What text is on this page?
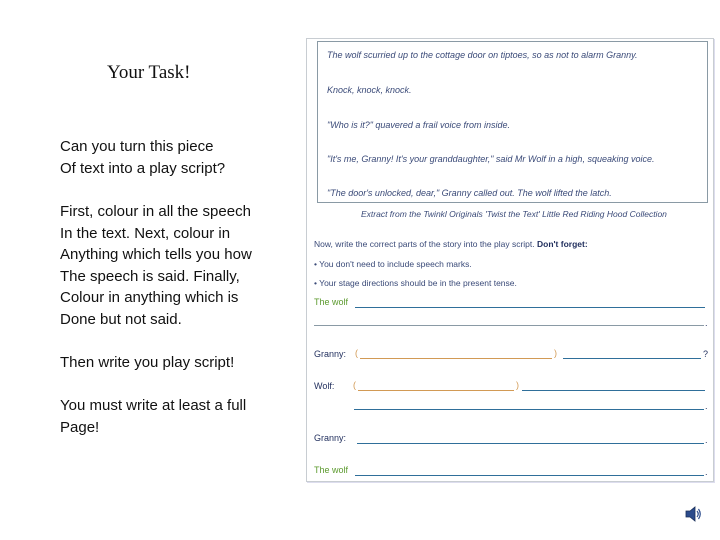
Your Task!
Can you turn this piece
Of text into a play script?
First, colour in all the speech
In the text. Next, colour in
Anything which tells you how
The speech is said. Finally,
Colour in anything which is
Done but not said.
Then write you play script!
You must write at least a full
Page!
The wolf scurried up to the cottage door on tiptoes, so as not to alarm Granny.
Knock, knock, knock.
"Who is it?" quavered a frail voice from inside.
"It's me, Granny! It's your granddaughter," said Mr Wolf in a high, squeaking voice.
"The door's unlocked, dear," Granny called out. The wolf lifted the latch.
Extract from the Twinkl Originals 'Twist the Text' Little Red Riding Hood Collection
Now, write the correct parts of the story into the play script. Don't forget:
• You don't need to include speech marks.
• Your stage directions should be in the present tense.
The wolf
.
Granny: (	)	?
Wolf: (	)
.
Granny:	.
The wolf	.
